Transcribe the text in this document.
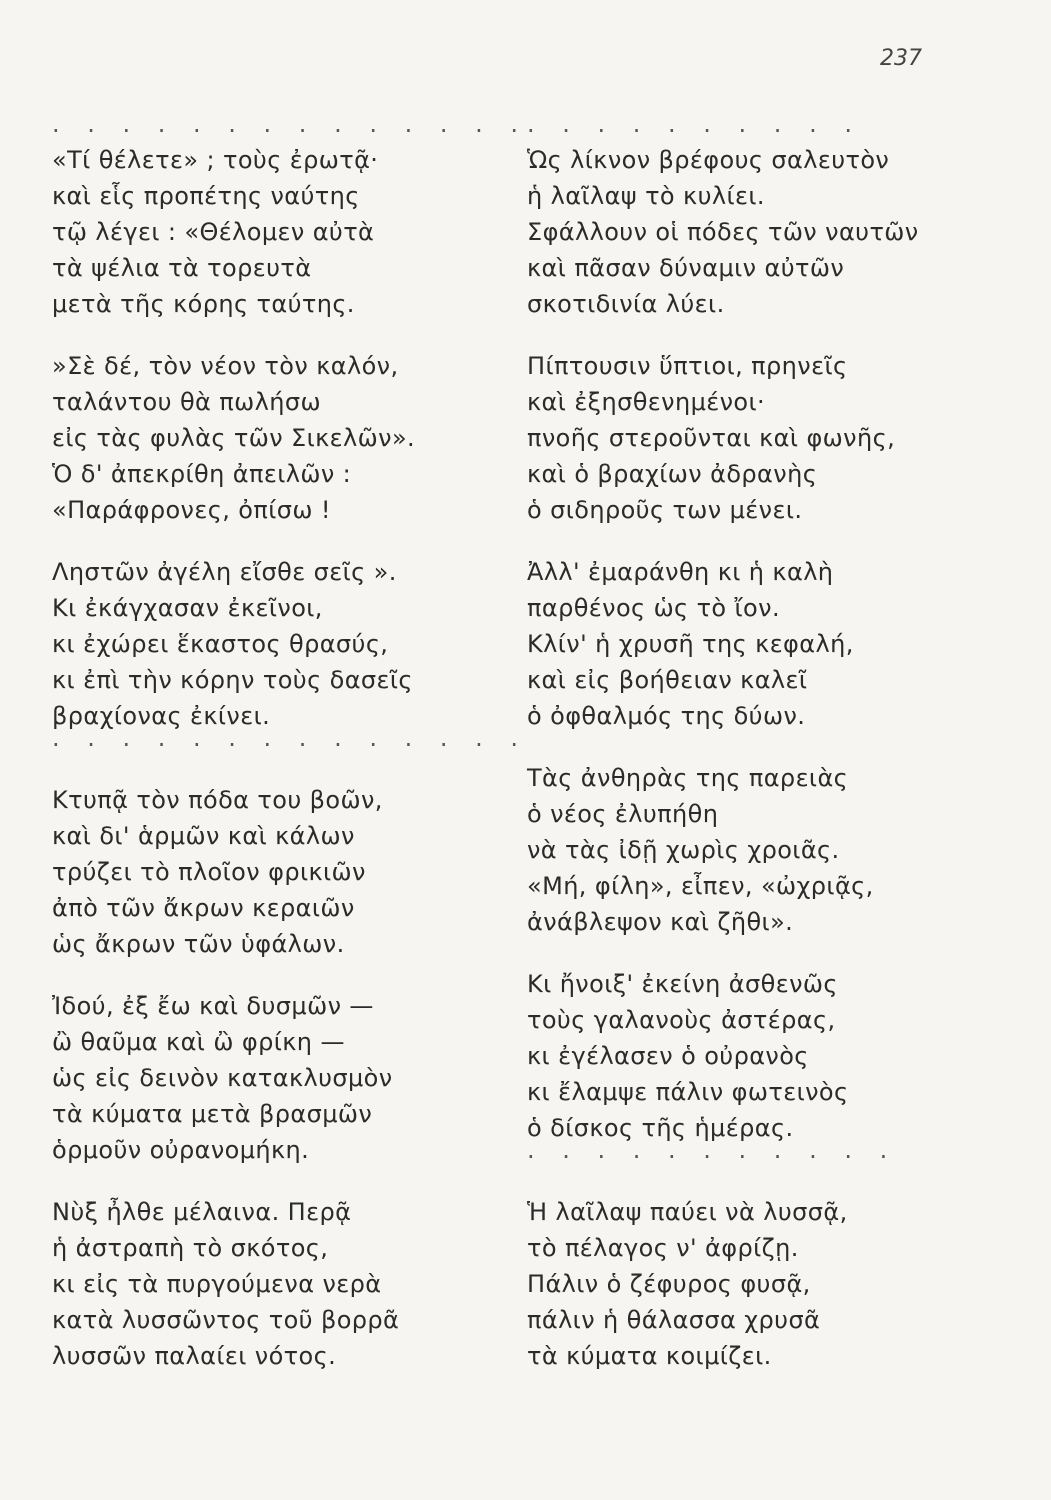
237
· · · · · · · · · · · · · ·
«Τί θέλετε» ; τοὺς ἐρωτᾷ·
καὶ εἷς προπέτης ναύτης
τῷ λέγει : «Θέλομεν αὐτὰ
τὰ ψέλια τὰ τορευτὰ
μετὰ τῆς κόρης ταύτης.
»Σὲ δέ, τὸν νέον τὸν καλόν,
ταλάντου θὰ πωλήσω
εἰς τὰς φυλὰς τῶν Σικελῶν».
Ὁ δ' ἀπεκρίθη ἀπειλῶν :
«Παράφρονες, ὀπίσω !
Ληστῶν ἀγέλη εἴσθε σεῖς ».
Κι ἐκάγχασαν ἐκεῖνοι,
κι ἐχώρει ἕκαστος θρασύς,
κι ἐπὶ τὴν κόρην τοὺς δασεῖς
βραχίονας ἐκίνει.
· · · · · · · · · · · · · ·
Κτυπᾷ τὸν πόδα του βοῶν,
καὶ δι' ἁρμῶν καὶ κάλων
τρύζει τὸ πλοῖον φρικιῶν
ἀπὸ τῶν ἄκρων κεραιῶν
ὡς ἄκρων τῶν ὑφάλων.
Ἰδού, ἐξ ἔω καὶ δυσμῶν —
ὢ θαῦμα καὶ ὢ φρίκη —
ὡς εἰς δεινὸν κατακλυσμὸν
τὰ κύματα μετὰ βρασμῶν
ὁρμοῦν οὐρανομήκη.
Νὺξ ἦλθε μέλαινα. Περᾷ
ἡ ἀστραπὴ τὸ σκότος,
κι εἰς τὰ πυργούμενα νερὰ
κατὰ λυσσῶντος τοῦ βορρᾶ
λυσσῶν παλαίει νότος.
· · · · · · · · · ·
Ὡς λίκνον βρέφους σαλευτὸν
ἡ λαῖλαψ τὸ κυλίει.
Σφάλλουν οἱ πόδες τῶν ναυτῶν
καὶ πᾶσαν δύναμιν αὐτῶν
σκοτιδινία λύει.
Πίπτουσιν ὕπτιοι, πρηνεῖς
καὶ ἐξησθενημένοι·
πνοῆς στεροῦνται καὶ φωνῆς,
καὶ ὁ βραχίων ἀδρανὴς
ὁ σιδηροῦς των μένει.
Ἀλλ' ἐμαράνθη κι ἡ καλὴ
παρθένος ὡς τὸ ἴον.
Κλίν' ἡ χρυσῆ της κεφαλή,
καὶ εἰς βοήθειαν καλεῖ
ὁ ὀφθαλμός της δύων.
Τὰς ἀνθηρὰς της παρειὰς
ὁ νέος ἐλυπήθη
νὰ τὰς ἰδῇ χωρὶς χροιᾶς.
«Μή, φίλη», εἶπεν, «ὠχριᾷς,
ἀνάβλεψον καὶ ζῆθι».
Κι ἤνοιξ' ἐκείνη ἀσθενῶς
τοὺς γαλανοὺς ἀστέρας,
κι ἐγέλασεν ὁ οὐρανὸς
κι ἔλαμψε πάλιν φωτεινὸς
ὁ δίσκος τῆς ἡμέρας.
· · · · · · · · · · ·
Ἡ λαῖλαψ παύει νὰ λυσσᾷ,
τὸ πέλαγος ν' ἀφρίζῃ.
Πάλιν ὁ ζέφυρος φυσᾷ,
πάλιν ἡ θάλασσα χρυσᾶ
τὰ κύματα κοιμίζει.
